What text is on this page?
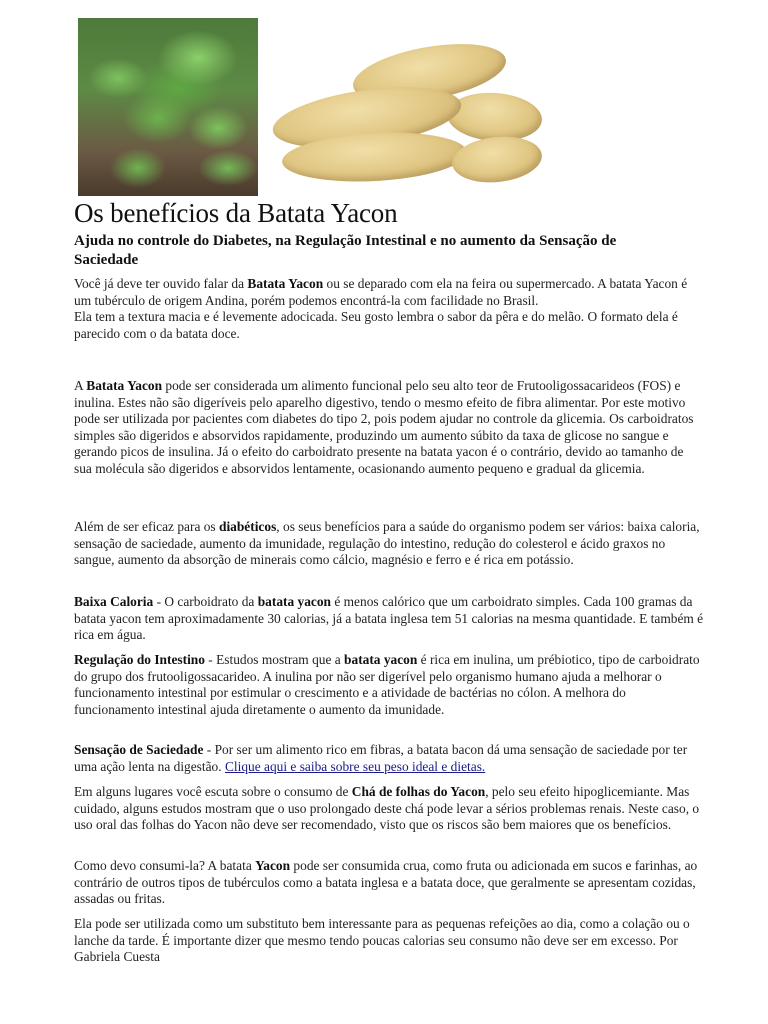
Os benefícios da Batata Yacon
Ajuda no controle do Diabetes, na Regulação Intestinal e no aumento da Sensação de Saciedade

Você já deve ter ouvido falar da Batata Yacon ou se deparado com ela na feira ou supermercado. A batata Yacon é um tubérculo de origem Andina, porém podemos encontrá-la com facilidade no Brasil.

Ela tem a textura macia e é levemente adocicada. Seu gosto lembra o sabor da pêra e do melão. O formato dela é parecido com o da batata doce.

A Batata Yacon pode ser considerada um alimento funcional pelo seu alto teor de Frutooligossacarideos (FOS) e inulina. Estes não são digeríveis pelo aparelho digestivo, tendo o mesmo efeito de fibra alimentar. Por este motivo pode ser utilizada por pacientes com diabetes do tipo 2, pois podem ajudar no controle da glicemia. Os carboidratos simples são digeridos e absorvidos rapidamente, produzindo um aumento súbito da taxa de glicose no sangue e gerando picos de insulina. Já o efeito do carboidrato presente na batata yacon é o contrário, devido ao tamanho de sua molécula são digeridos e absorvidos lentamente, ocasionando aumento pequeno e gradual da glicemia.

Além de ser eficaz para os diabéticos, os seus benefícios para a saúde do organismo podem ser vários: baixa caloria, sensação de saciedade, aumento da imunidade, regulação do intestino, redução do colesterol e ácido graxos no sangue, aumento da absorção de minerais como cálcio, magnésio e ferro e é rica em potássio.

Baixa Caloria - O carboidrato da batata yacon é menos calórico que um carboidrato simples. Cada 100 gramas da batata yacon tem aproximadamente 30 calorias, já a batata inglesa tem 51 calorias na mesma quantidade. E também é rica em água.

Regulação do Intestino - Estudos mostram que a batata yacon é rica em inulina, um prébiotico, tipo de carboidrato do grupo dos frutooligossacarideo. A inulina por não ser digerível pelo organismo humano ajuda a melhorar o funcionamento intestinal por estimular o crescimento e a atividade de bactérias no cólon. A melhora do funcionamento intestinal ajuda diretamente o aumento da imunidade.

Sensação de Saciedade - Por ser um alimento rico em fibras, a batata bacon dá uma sensação de saciedade por ter uma ação lenta na digestão. Clique aqui e saiba sobre seu peso ideal e dietas.

Em alguns lugares você escuta sobre o consumo de Chá de folhas do Yacon, pelo seu efeito hipoglicemiante. Mas cuidado, alguns estudos mostram que o uso prolongado deste chá pode levar a sérios problemas renais. Neste caso, o uso oral das folhas do Yacon não deve ser recomendado, visto que os riscos são bem maiores que os benefícios.

Como devo consumi-la? A batata Yacon pode ser consumida crua, como fruta ou adicionada em sucos e farinhas, ao contrário de outros tipos de tubérculos como a batata inglesa e a batata doce, que geralmente se apresentam cozidas, assadas ou fritas.

Ela pode ser utilizada como um substituto bem interessante para as pequenas refeições ao dia, como a colação ou o lanche da tarde. É importante dizer que mesmo tendo poucas calorias seu consumo não deve ser em excesso. Por Gabriela Cuesta
